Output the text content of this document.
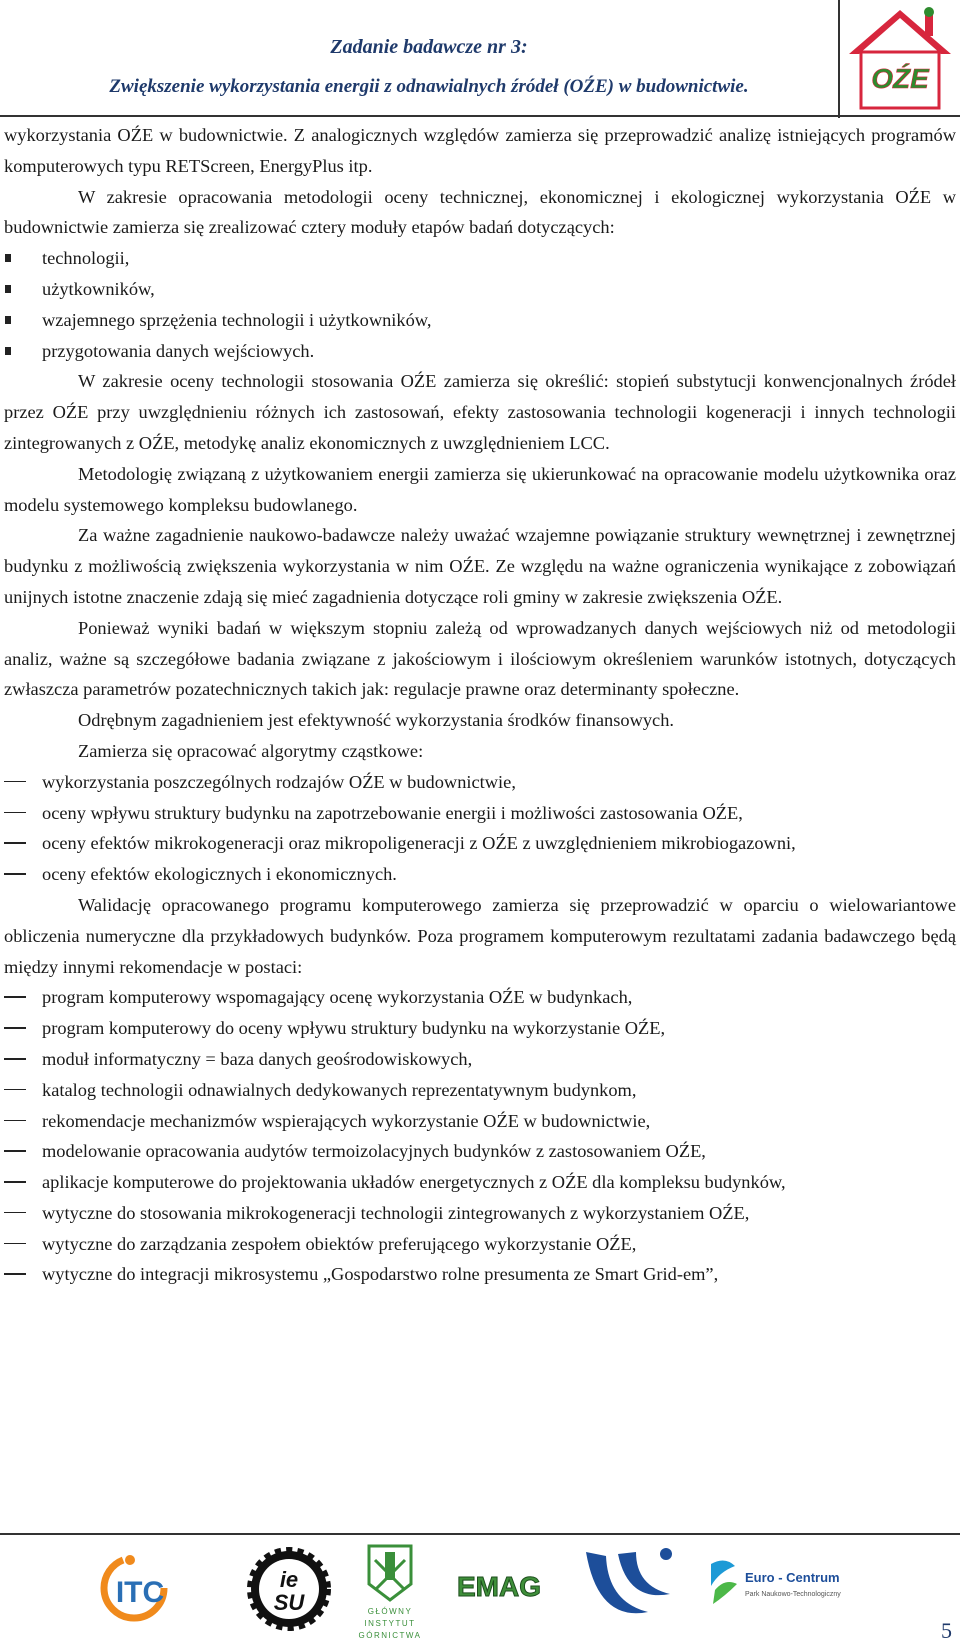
Zadanie badawcze nr 3:
Zwiększenie wykorzystania energii z odnawialnych źródeł (OŹE) w budownictwie.	OŹE

wykorzystania OŹE w budownictwie. Z analogicznych względów zamierza się przeprowadzić analizę istniejących programów komputerowych typu RETScreen, EnergyPlus itp.

W zakresie opracowania metodologii oceny technicznej, ekonomicznej i ekologicznej wykorzystania OŹE w budownictwie zamierza się zrealizować cztery moduły etapów badań dotyczących:

technologii,
użytkowników,
wzajemnego sprzężenia technologii i użytkowników,
przygotowania danych wejściowych.

W zakresie oceny technologii stosowania OŹE zamierza się określić: stopień substytucji konwencjonalnych źródeł przez OŹE przy uwzględnieniu różnych ich zastosowań, efekty zastosowania technologii kogeneracji i innych technologii zintegrowanych z OŹE, metodykę analiz ekonomicznych z uwzględnieniem LCC.

Metodologię związaną z użytkowaniem energii zamierza się ukierunkować na opracowanie modelu użytkownika oraz modelu systemowego kompleksu budowlanego.

Za ważne zagadnienie naukowo-badawcze należy uważać wzajemne powiązanie struktury wewnętrznej i zewnętrznej budynku z możliwością zwiększenia wykorzystania w nim OŹE. Ze względu na ważne ograniczenia wynikające z zobowiązań unijnych istotne znaczenie zdają się mieć zagadnienia dotyczące roli gminy w zakresie zwiększenia OŹE.

Ponieważ wyniki badań w większym stopniu zależą od wprowadzanych danych wejściowych niż od metodologii analiz, ważne są szczegółowe badania związane z jakościowym i ilościowym określeniem warunków istotnych, dotyczących zwłaszcza parametrów pozatechnicznych takich jak: regulacje prawne oraz determinanty społeczne.

Odrębnym zagadnieniem jest efektywność wykorzystania środków finansowych.

Zamierza się opracować algorytmy cząstkowe:

wykorzystania poszczególnych rodzajów OŹE w budownictwie,
oceny wpływu struktury budynku na zapotrzebowanie energii i możliwości zastosowania OŹE,
oceny efektów mikrokogeneracji oraz mikropoligeneracji z OŹE z uwzględnieniem mikrobiogazowni,
oceny efektów ekologicznych i ekonomicznych.

Walidację opracowanego programu komputerowego zamierza się przeprowadzić w oparciu o wielowariantowe obliczenia numeryczne dla przykładowych budynków. Poza programem komputerowym rezultatami zadania badawczego będą między innymi rekomendacje w postaci:

program komputerowy wspomagający ocenę wykorzystania OŹE w budynkach,
program komputerowy do oceny wpływu struktury budynku na wykorzystanie OŹE,
moduł informatyczny = baza danych geośrodowiskowych,
katalog technologii odnawialnych dedykowanych reprezentatywnym budynkom,
rekomendacje mechanizmów wspierających wykorzystanie OŹE w budownictwie,
modelowanie opracowania audytów termoizolacyjnych budynków z zastosowaniem OŹE,
aplikacje komputerowe do projektowania układów energetycznych z OŹE dla kompleksu budynków,
wytyczne do stosowania mikrokogeneracji technologii zintegrowanych z wykorzystaniem OŹE,
wytyczne do zarządzania zespołem obiektów preferującego wykorzystanie OŹE,
wytyczne do integracji mikrosystemu „Gospodarstwo rolne presumenta ze Smart Grid-em”,
ITC	ie
SU	GŁÓWNY
INSTYTUT
GÓRNICTWA
EMAG	Euro - Centrum
Park Naukowo-Technologiczny
5
